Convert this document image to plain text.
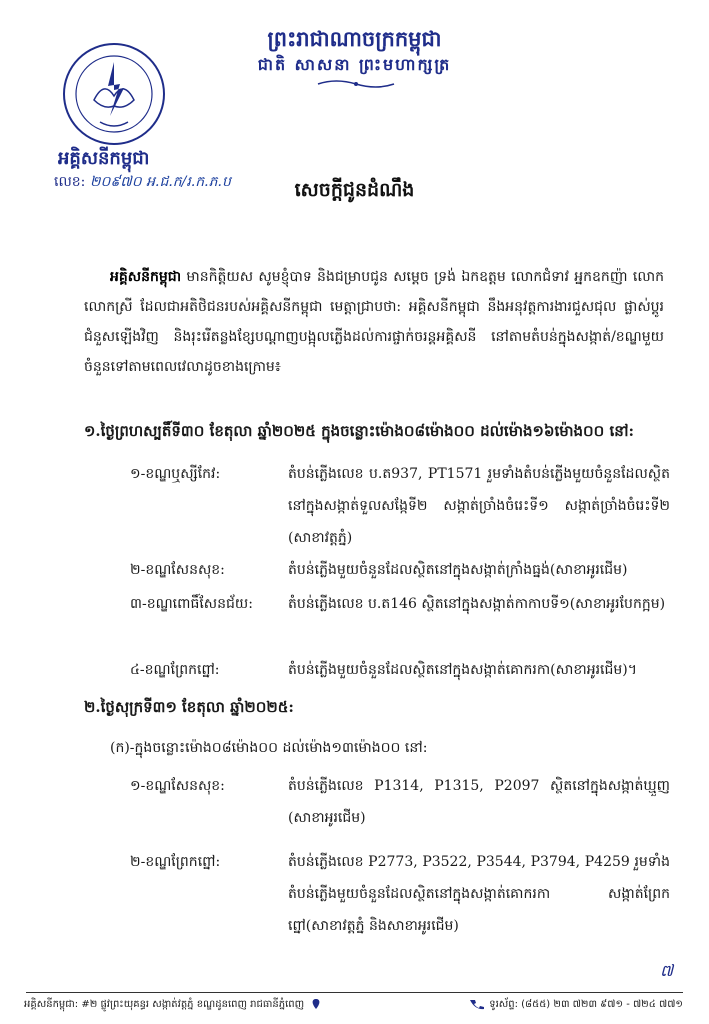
ព្រះរាជាណាចក្រកម្ពុជា
ជាតិ សាសនា ព្រះមហាក្សត្រ
អគ្គិសនីកម្ពុជា
លេខ: ២០៩៧០ អ.ជ.ក/រ.ក.ភ.ប	សេចក្ដីជូនដំណឹង
អគ្គិសនីកម្ពុជា មានកិត្តិយស សូមខ្ញុំបាទ និងជម្រាបជូន សម្ដេច ទ្រង់ ឯកឧត្តម លោកជំទាវ អ្នកឧកញ៉ា លោក លោកស្រី ដែលជាអតិថិជនរបស់អគ្គិសនីកម្ពុជា មេត្តាជ្រាបថា: អគ្គិសនីកម្ពុជា នឹងអនុវត្តការងារជួសជុល ផ្លាស់ប្ដូរជំនួសឡើងវិញ និងរុះរើតន្លងខ្សែបណ្ដាញបង្អុលភ្លើងដល់ការផ្ចាក់ចរន្តអគ្គិសនី នៅតាមតំបន់ក្នុងសង្កាត់/ខណ្ឌមួយចំនួនទៅតាមពេលវេលាដូចខាងក្រោម៖
១.ថ្ងៃព្រហស្បតិ៍ទី៣០ ខែតុលា ឆ្នាំ២០២៥ ក្នុងចន្លោះម៉ោង០៨ម៉ោង០០ ដល់ម៉ោង១៦ម៉ោង០០ នៅ:
១-ខណ្ឌឬស្សីកែវ:	តំបន់ភ្លើងលេខ ប.ត937, PT1571 រួមទាំងតំបន់ភ្លើងមួយចំនួនដែលស្ថិតនៅក្នុងសង្កាត់ទួលសង្កែទី២ សង្កាត់ច្រាំងចំរេះទី១ សង្កាត់ច្រាំងចំរេះទី២ (សាខាវត្តភ្នំ)
២-ខណ្ឌសែនសុខ:	តំបន់ភ្លើងមួយចំនួនដែលស្ថិតនៅក្នុងសង្កាត់ក្រាំងធ្នង់(សាខាអូរជើម)
៣-ខណ្ឌពោធិ៍សែនជ័យ:	តំបន់ភ្លើងលេខ ប.ត146 ស្ថិតនៅក្នុងសង្កាត់កាកាបទី១(សាខាអូរបែកក្អម)
៤-ខណ្ឌព្រែកព្នៅ:	តំបន់ភ្លើងមួយចំនួនដែលស្ថិតនៅក្នុងសង្កាត់គោករកា(សាខាអូរជើម)។
២.ថ្ងៃសុក្រទី៣១ ខែតុលា ឆ្នាំ២០២៥:
(ក)-ក្នុងចន្លោះម៉ោង០៨ម៉ោង០០ ដល់ម៉ោង១៣ម៉ោង០០ នៅ:
១-ខណ្ឌសែនសុខ:	តំបន់ភ្លើងលេខ P1314, P1315, P2097 ស្ថិតនៅក្នុងសង្កាត់ឃ្មួញ (សាខាអូរជើម)
២-ខណ្ឌព្រែកព្នៅ:	តំបន់ភ្លើងលេខ P2773, P3522, P3544, P3794, P4259 រួមទាំងតំបន់ភ្លើងមួយចំនួនដែលស្ថិតនៅក្នុងសង្កាត់គោករកា សង្កាត់ព្រែកព្នៅ(សាខាវត្តភ្នំ និងសាខាអូរជើម)
៧
អគ្គិសនីកម្ពុជា: #២ ផ្លូវព្រះយុគន្ធរ សង្កាត់វត្តភ្នំ ខណ្ឌដូនពេញ រាជធានីភ្នំពេញ	ទូរស័ព្ទ: (៨៥៥) ២៣ ៧២៣ ៩៧១ - ៧២៤ ៧៧១
